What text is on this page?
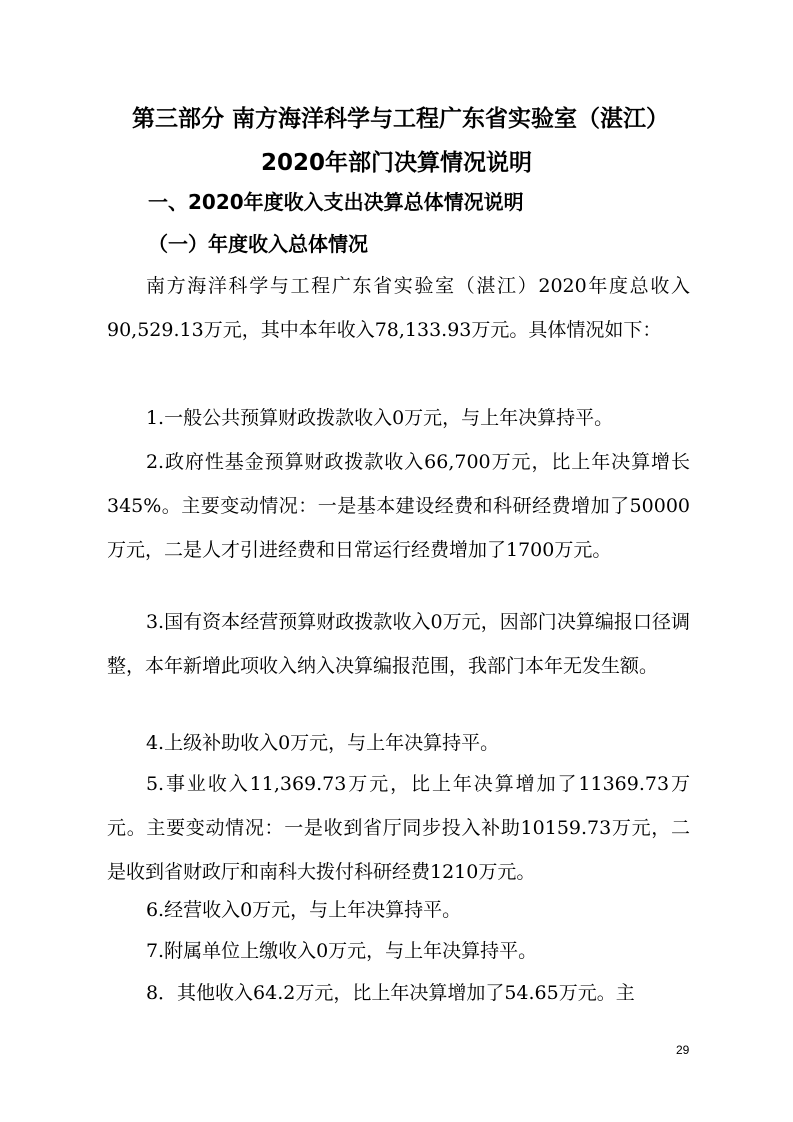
第三部分 南方海洋科学与工程广东省实验室（湛江）
2020年部门决算情况说明
一、2020年度收入支出决算总体情况说明
（一）年度收入总体情况

南方海洋科学与工程广东省实验室（湛江）2020年度总收入90,529.13万元，其中本年收入78,133.93万元。具体情况如下：

1.一般公共预算财政拨款收入0万元，与上年决算持平。

2.政府性基金预算财政拨款收入66,700万元，比上年决算增长345%。主要变动情况：一是基本建设经费和科研经费增加了50000万元，二是人才引进经费和日常运行经费增加了1700万元。

3.国有资本经营预算财政拨款收入0万元，因部门决算编报口径调整，本年新增此项收入纳入决算编报范围，我部门本年无发生额。

4.上级补助收入0万元，与上年决算持平。

5.事业收入11,369.73万元，比上年决算增加了11369.73万元。主要变动情况：一是收到省厅同步投入补助10159.73万元，二是收到省财政厅和南科大拨付科研经费1210万元。

6.经营收入0万元，与上年决算持平。

7.附属单位上缴收入0万元，与上年决算持平。

8．其他收入64.2万元，比上年决算增加了54.65万元。主

29
